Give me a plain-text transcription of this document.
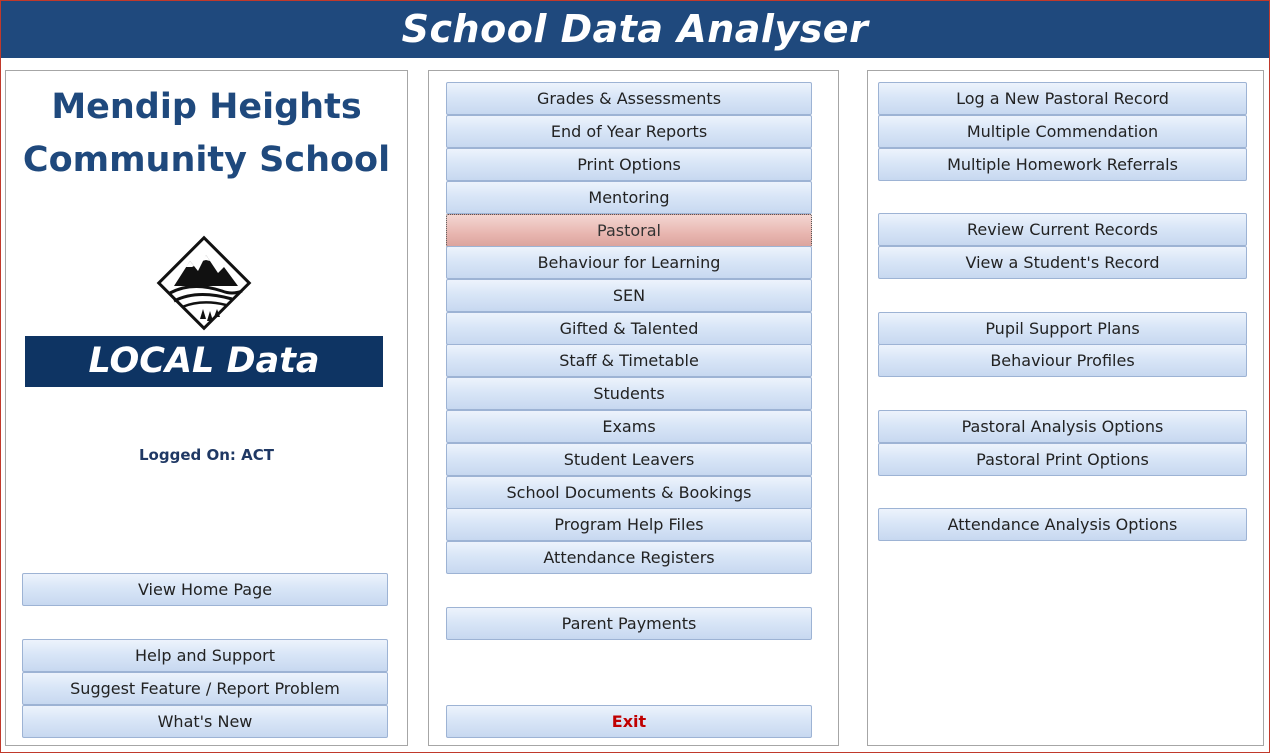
School Data Analyser
Mendip Heights
Community School
LOCAL Data
Logged On: ACT
View Home Page
Help and Support
Suggest Feature / Report Problem
What's New
Grades & Assessments
End of Year Reports
Print Options
Mentoring
Pastoral
Behaviour for Learning
SEN
Gifted & Talented
Staff & Timetable
Students
Exams
Student Leavers
School Documents & Bookings
Program Help Files
Attendance Registers
Parent Payments
Exit
Log a New Pastoral Record
Multiple Commendation
Multiple Homework Referrals
Review Current Records
View a Student's Record
Pupil Support Plans
Behaviour Profiles
Pastoral Analysis Options
Pastoral Print Options
Attendance Analysis Options
